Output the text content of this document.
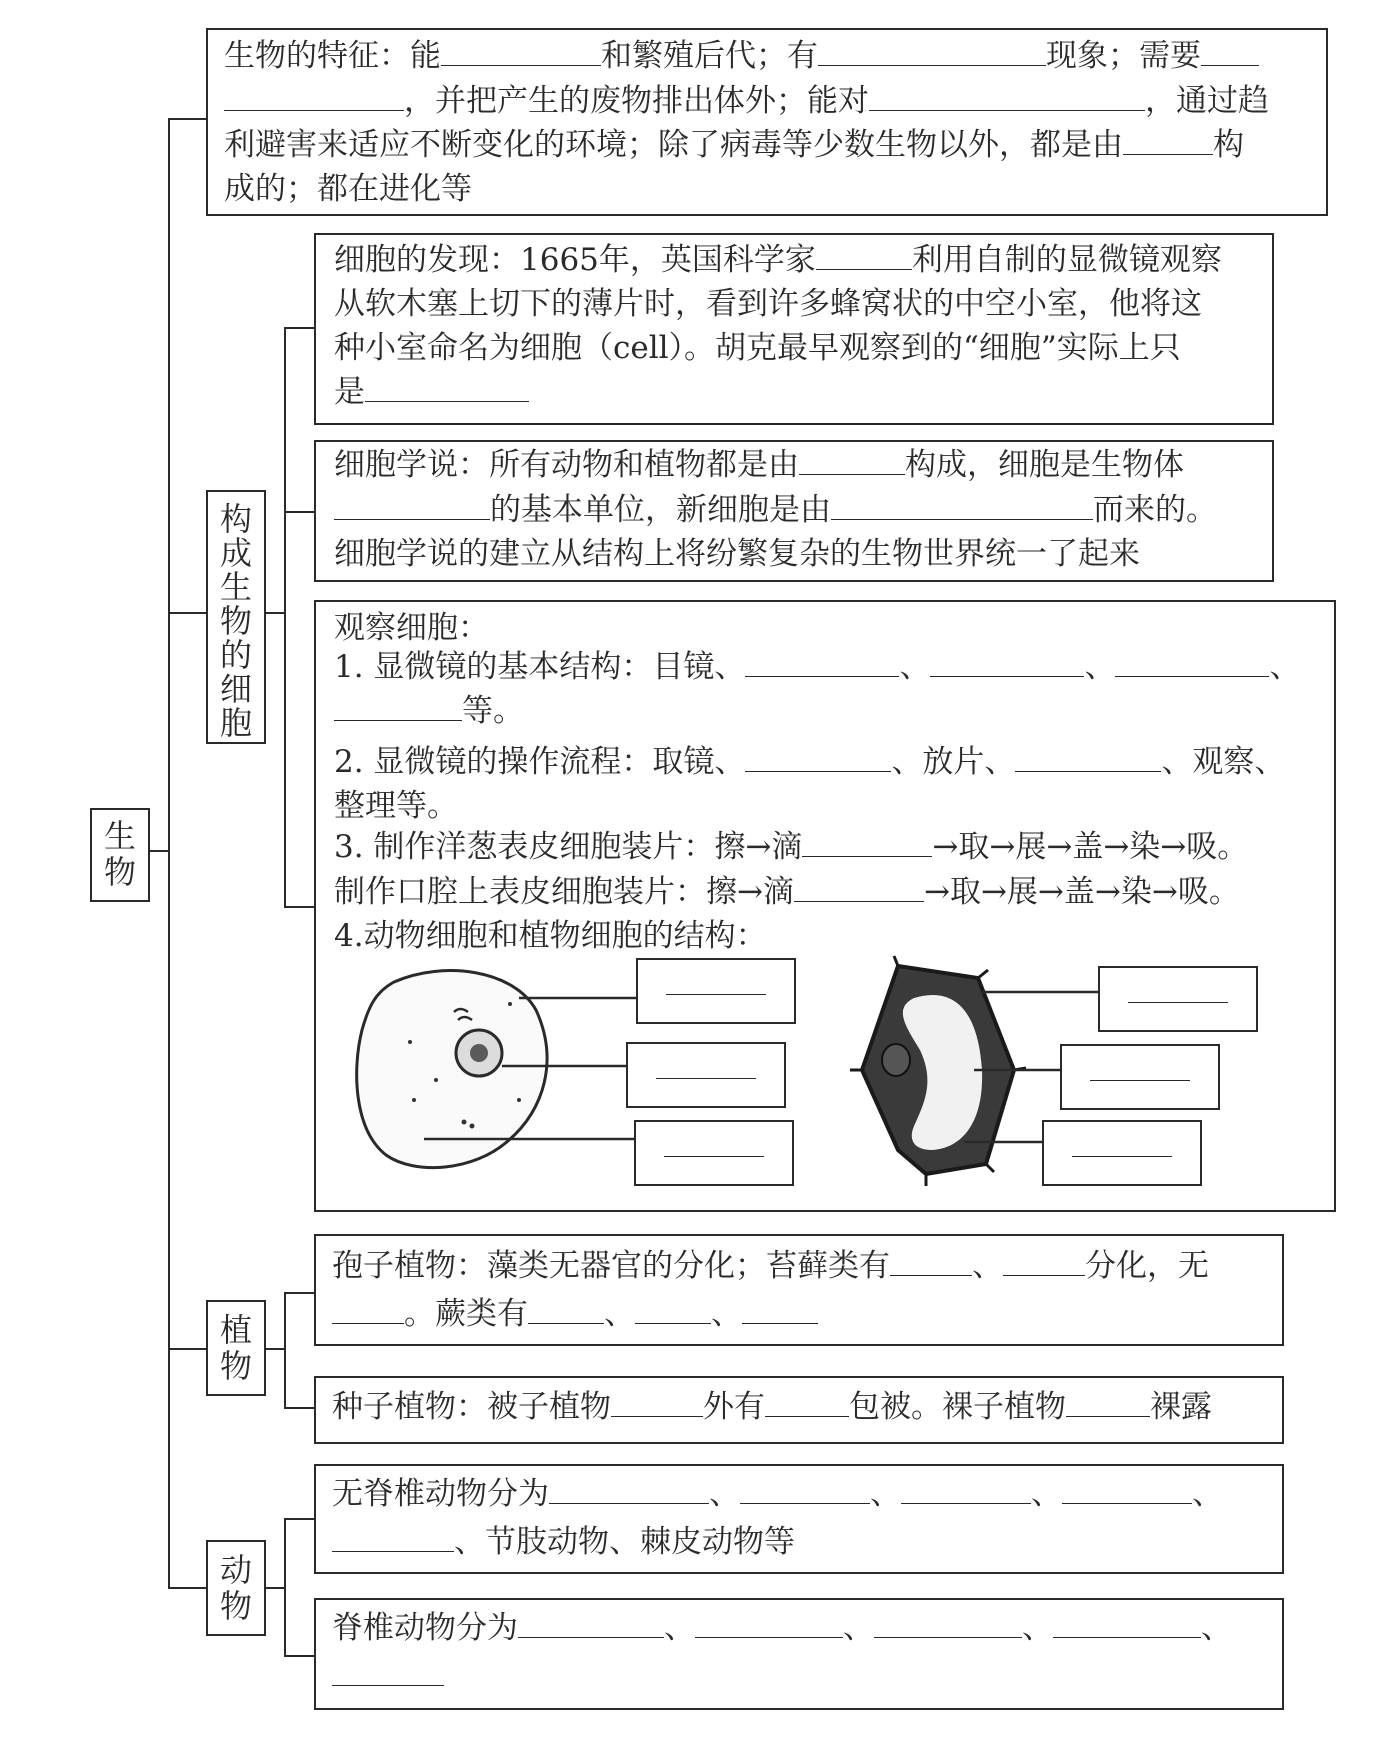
生物
生物的特征：能	和繁殖后代；有	现象；需要
，并把产生的废物排出体外；能对	，通过趋
利避害来适应不断变化的环境；除了病毒等少数生物以外，都是由	构
成的；都在进化等
构成生物的细胞
细胞的发现：1665年，英国科学家	利用自制的显微镜观察
从软木塞上切下的薄片时，看到许多蜂窝状的中空小室，他将这
种小室命名为细胞（cell）。胡克最早观察到的“细胞”实际上只
是
细胞学说：所有动物和植物都是由	构成，细胞是生物体
的基本单位，新细胞是由	而来的。
细胞学说的建立从结构上将纷繁复杂的生物世界统一了起来
观察细胞：
1. 显微镜的基本结构：目镜、	、	、	、
等。
2. 显微镜的操作流程：取镜、	、放片、	、观察、
整理等。
3. 制作洋葱表皮细胞装片：擦→滴	→取→展→盖→染→吸。
制作口腔上表皮细胞装片：擦→滴	→取→展→盖→染→吸。
4.动物细胞和植物细胞的结构：
植物
孢子植物：藻类无器官的分化；苔藓类有	、	分化，无
。蕨类有 、 、
种子植物：被子植物	外有	包被。裸子植物	裸露
动物
无脊椎动物分为	、	、	、	、
、节肢动物、棘皮动物等
脊椎动物分为	、	、	、	、
